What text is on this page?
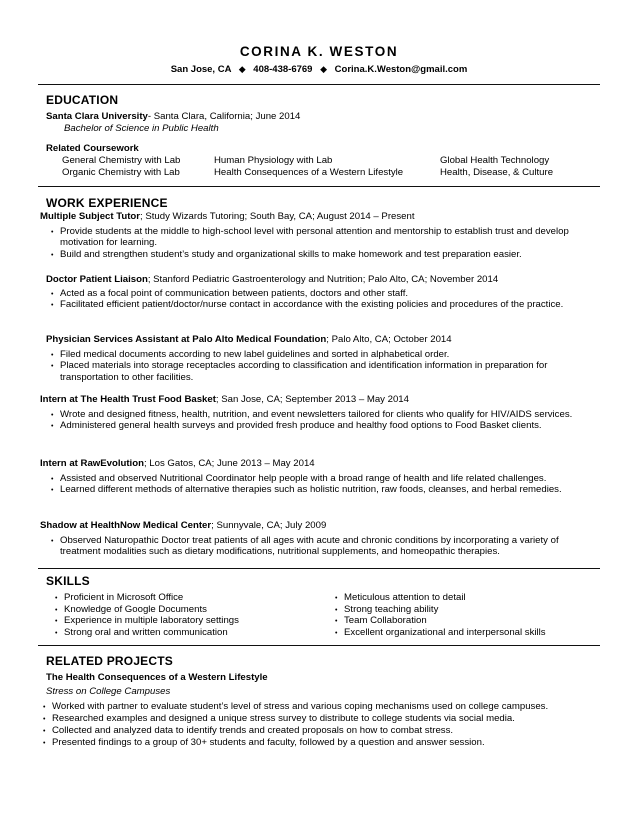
CORINA K. WESTON
San Jose, CA ◆ 408-438-6769 ◆ Corina.K.Weston@gmail.com
EDUCATION
Santa Clara University- Santa Clara, California; June 2014
Bachelor of Science in Public Health
Related Coursework
General Chemistry with Lab	Human Physiology with Lab	Global Health Technology
Organic Chemistry with Lab	Health Consequences of a Western Lifestyle	Health, Disease, & Culture
WORK EXPERIENCE
Multiple Subject Tutor; Study Wizards Tutoring; South Bay, CA; August 2014 – Present
• Provide students at the middle to high-school level with personal attention and mentorship to establish trust and develop motivation for learning.
• Build and strengthen student’s study and organizational skills to make homework and test preparation easier.
Doctor Patient Liaison; Stanford Pediatric Gastroenterology and Nutrition; Palo Alto, CA; November 2014
• Acted as a focal point of communication between patients, doctors and other staff.
• Facilitated efficient patient/doctor/nurse contact in accordance with the existing policies and procedures of the practice.
Physician Services Assistant at Palo Alto Medical Foundation; Palo Alto, CA; October 2014
• Filed medical documents according to new label guidelines and sorted in alphabetical order.
• Placed materials into storage receptacles according to classification and identification information in preparation for transportation to other facilities.
Intern at The Health Trust Food Basket; San Jose, CA; September 2013 – May 2014
• Wrote and designed fitness, health, nutrition, and event newsletters tailored for clients who qualify for HIV/AIDS services.
• Administered general health surveys and provided fresh produce and healthy food options to Food Basket clients.
Intern at RawEvolution; Los Gatos, CA; June 2013 – May 2014
• Assisted and observed Nutritional Coordinator help people with a broad range of health and life related challenges.
• Learned different methods of alternative therapies such as holistic nutrition, raw foods, cleanses, and herbal remedies.
Shadow at HealthNow Medical Center; Sunnyvale, CA; July 2009
• Observed Naturopathic Doctor treat patients of all ages with acute and chronic conditions by incorporating a variety of treatment modalities such as dietary modifications, nutritional supplements, and homeopathic therapies.
SKILLS
• Proficient in Microsoft Office	• Meticulous attention to detail
• Knowledge of Google Documents	• Strong teaching ability
• Experience in multiple laboratory settings	• Team Collaboration
• Strong oral and written communication	• Excellent organizational and interpersonal skills
RELATED PROJECTS
The Health Consequences of a Western Lifestyle
Stress on College Campuses
• Worked with partner to evaluate student’s level of stress and various coping mechanisms used on college campuses.
• Researched examples and designed a unique stress survey to distribute to college students via social media.
• Collected and analyzed data to identify trends and created proposals on how to combat stress.
• Presented findings to a group of 30+ students and faculty, followed by a question and answer session.
